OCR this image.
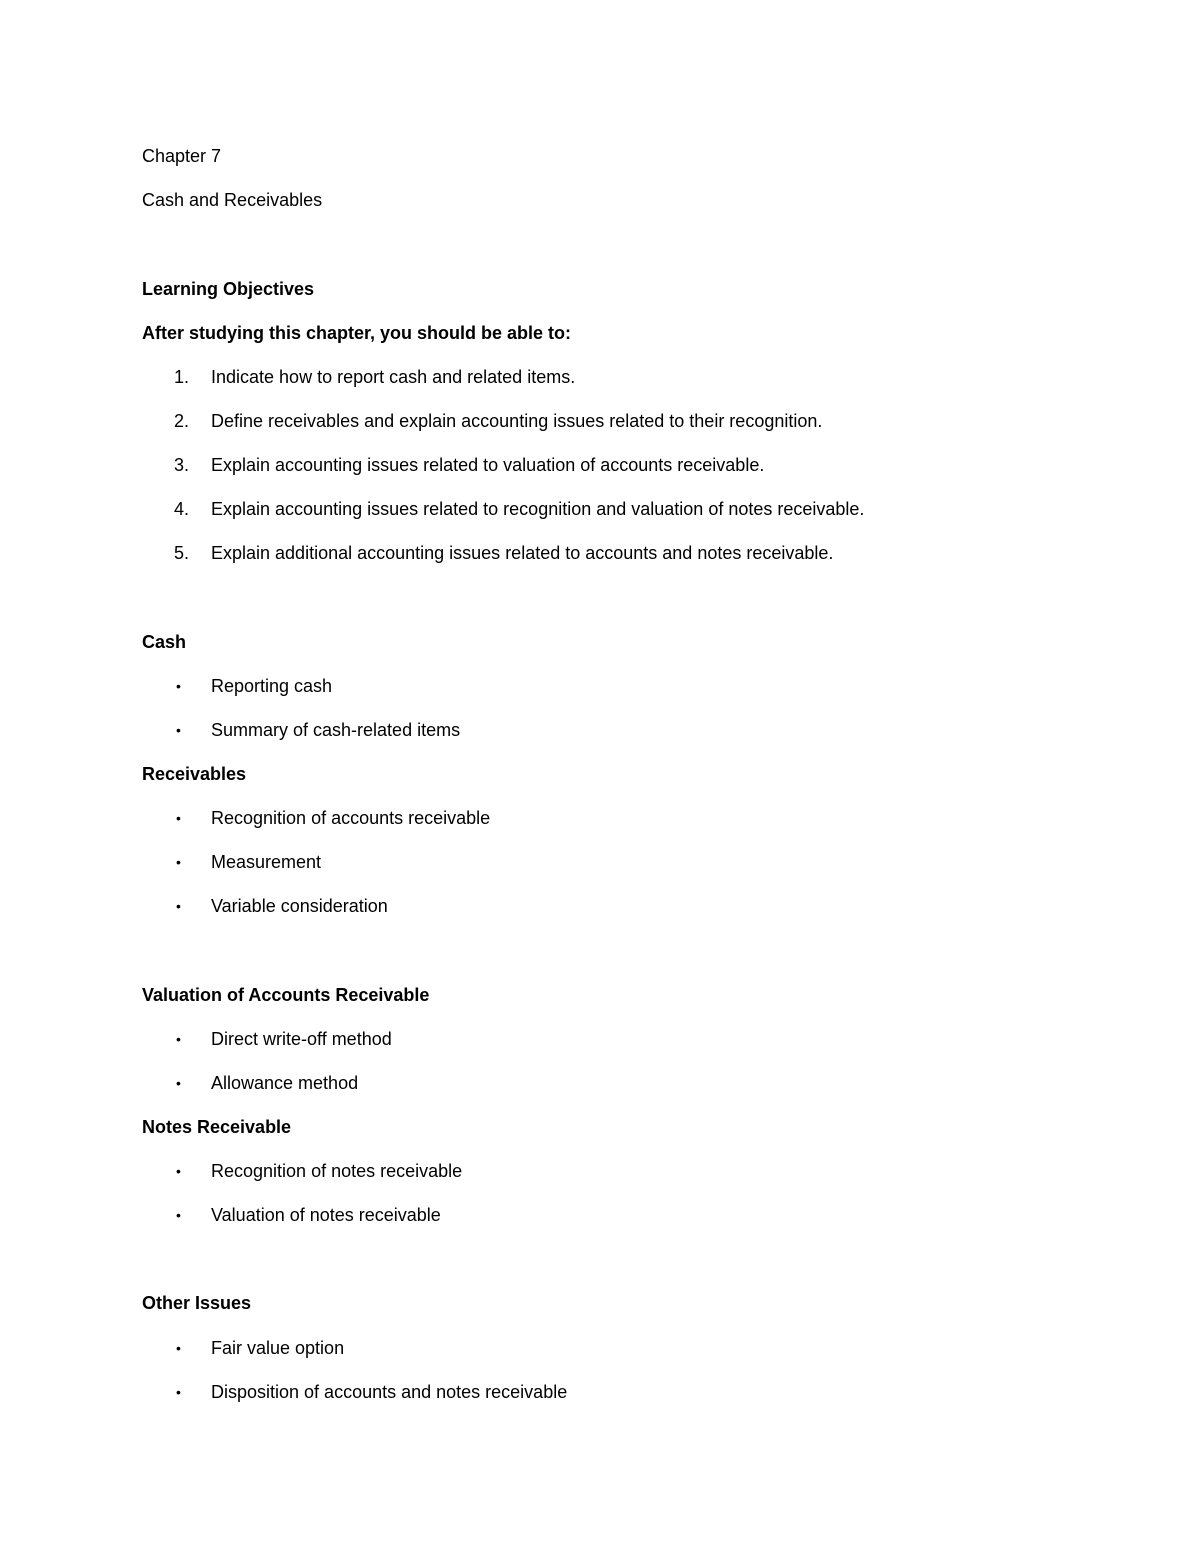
Chapter 7
Cash and Receivables
Learning Objectives
After studying this chapter, you should be able to:
1. Indicate how to report cash and related items.
2. Define receivables and explain accounting issues related to their recognition.
3. Explain accounting issues related to valuation of accounts receivable.
4. Explain accounting issues related to recognition and valuation of notes receivable.
5. Explain additional accounting issues related to accounts and notes receivable.
Cash
• Reporting cash
• Summary of cash-related items
Receivables
• Recognition of accounts receivable
• Measurement
• Variable consideration
Valuation of Accounts Receivable
• Direct write-off method
• Allowance method
Notes Receivable
• Recognition of notes receivable
• Valuation of notes receivable
Other Issues
• Fair value option
• Disposition of accounts and notes receivable
